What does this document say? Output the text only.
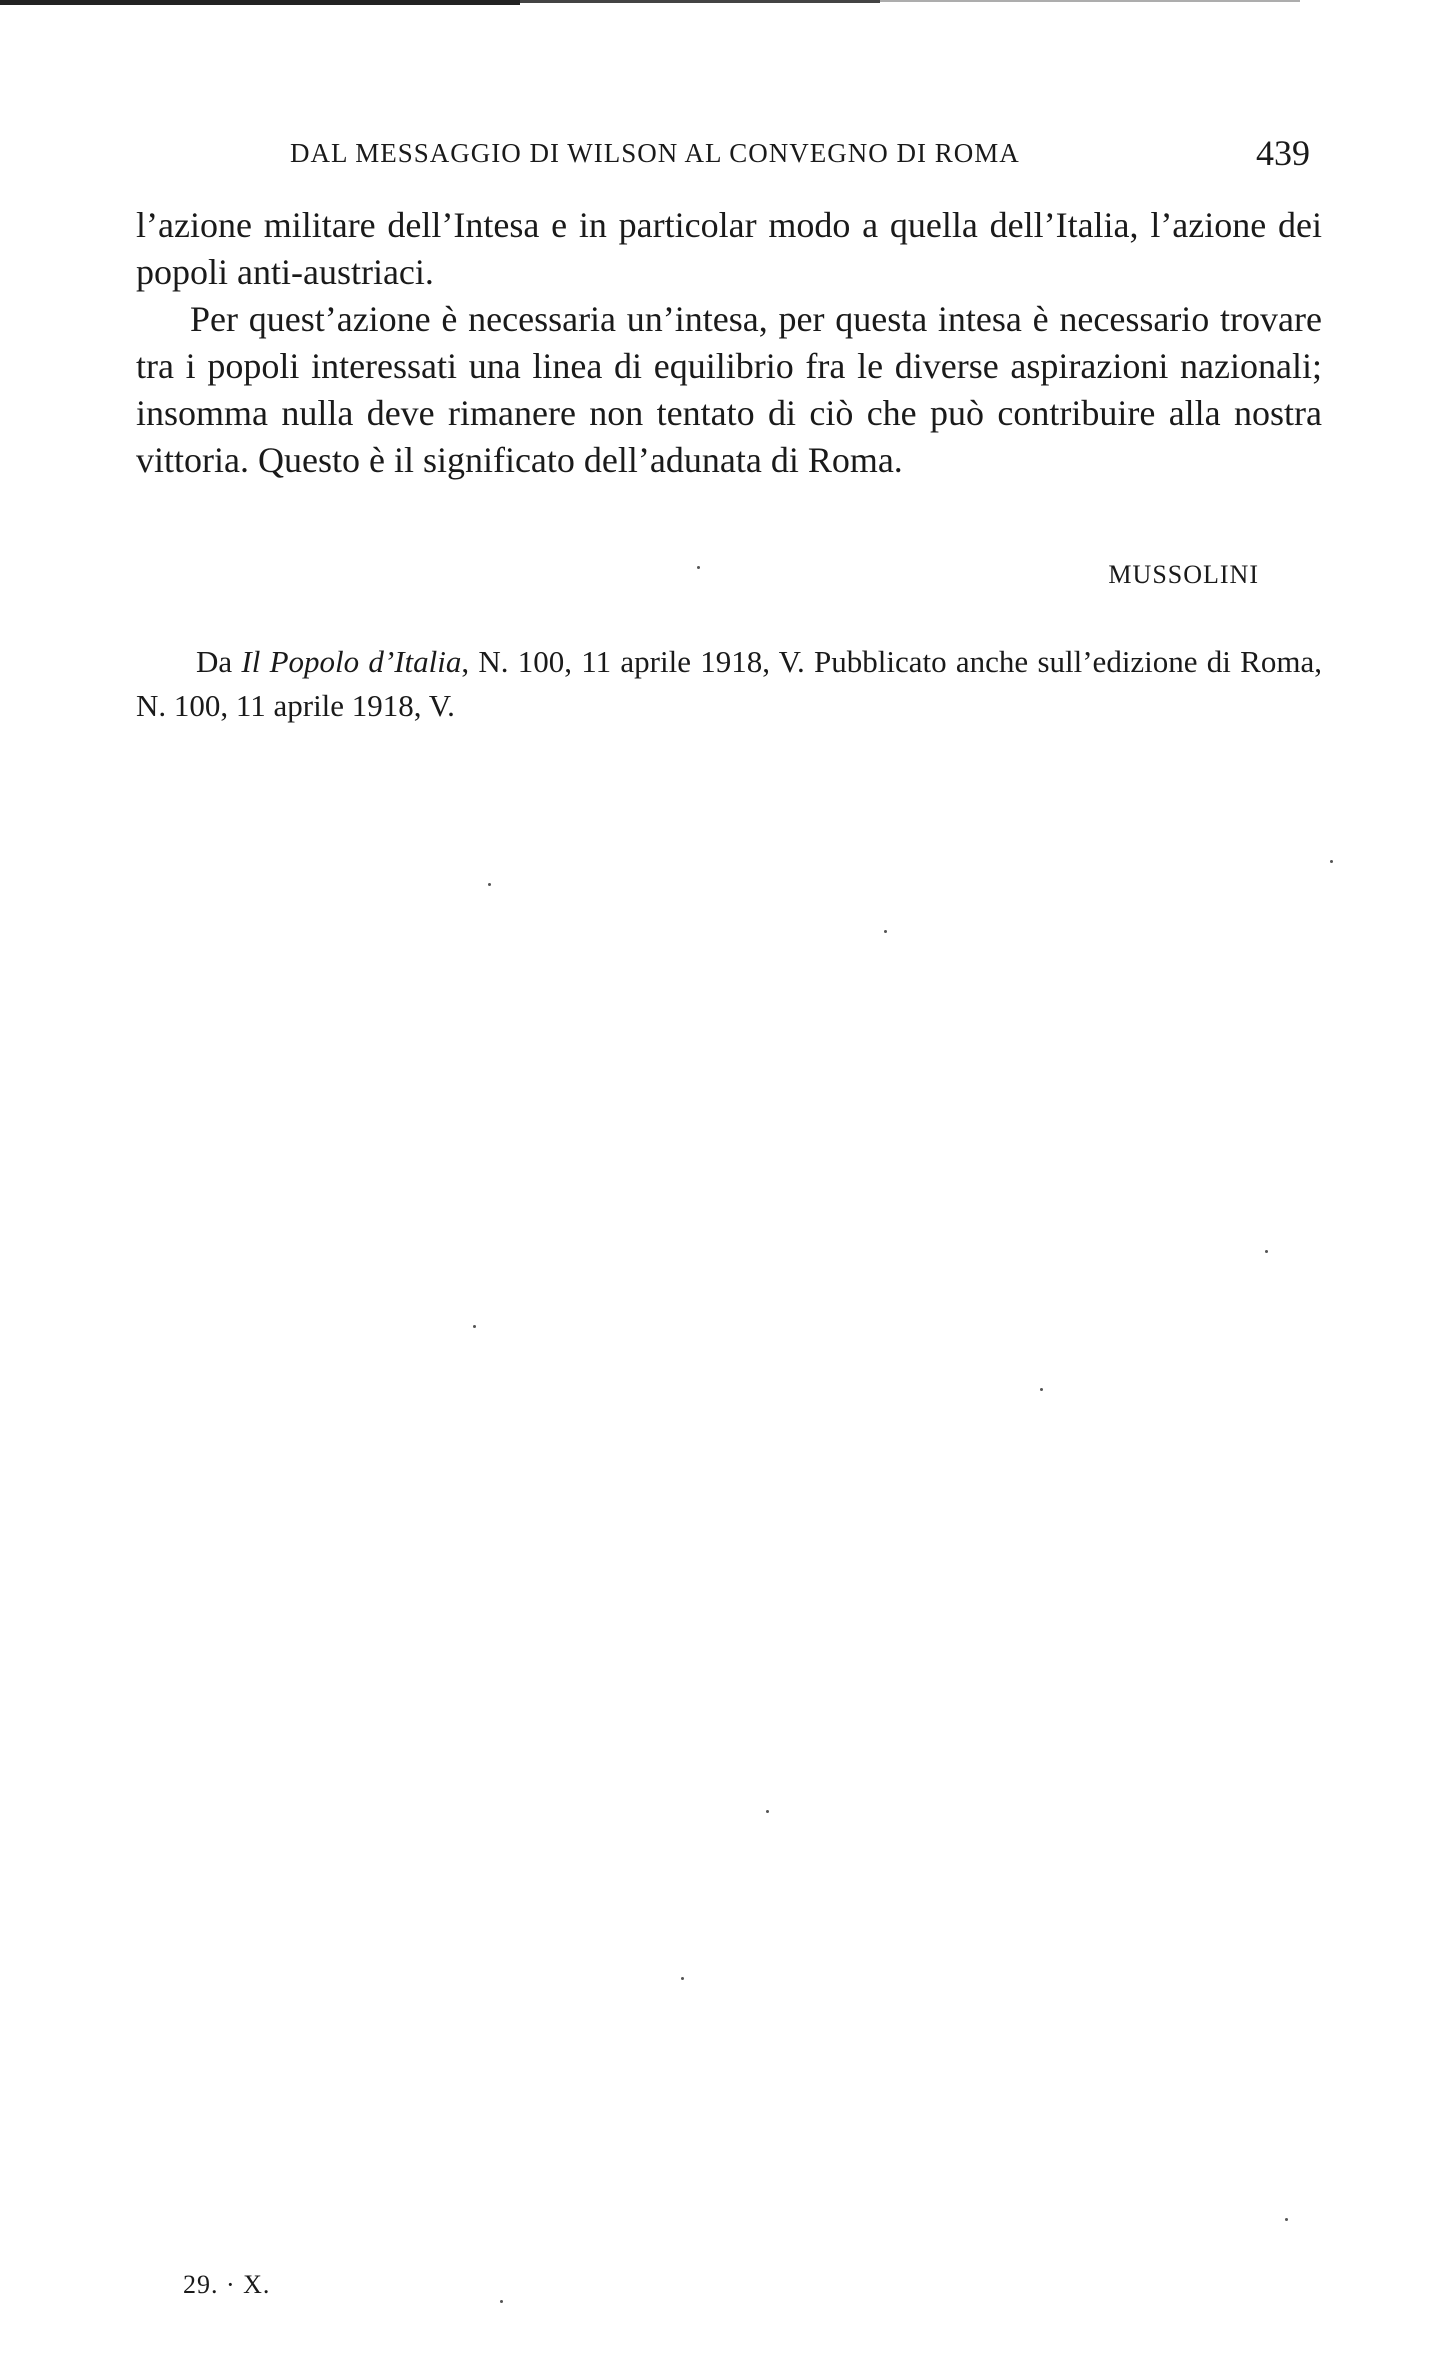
DAL MESSAGGIO DI WILSON AL CONVEGNO DI ROMA	439

l’azione militare dell’Intesa e in particolar modo a quella dell’Italia, l’azione dei popoli anti-austriaci.

Per quest’azione è necessaria un’intesa, per questa intesa è necessario trovare tra i popoli interessati una linea di equilibrio fra le diverse aspirazioni nazionali; insomma nulla deve rimanere non tentato di ciò che può contribuire alla nostra vittoria. Questo è il significato dell’adunata di Roma.

MUSSOLINI

Da Il Popolo d’Italia, N. 100, 11 aprile 1918, V. Pubblicato anche sull’edizione di Roma, N. 100, 11 aprile 1918, V.

29. · X.
